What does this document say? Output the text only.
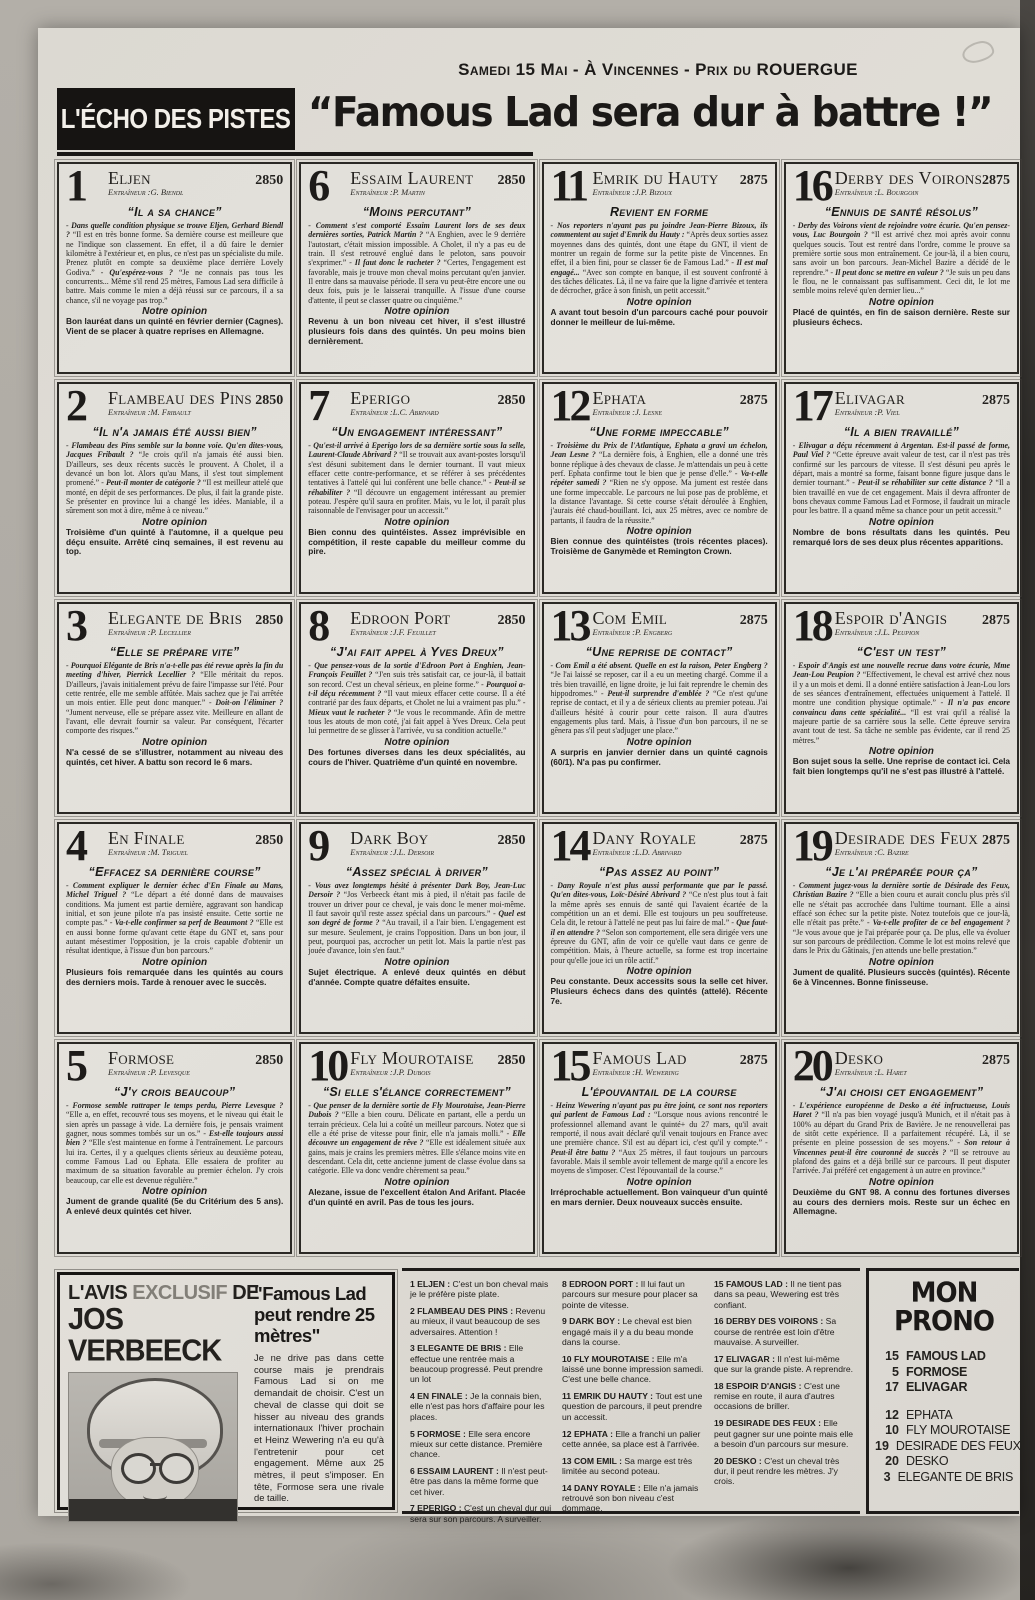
L'ÉCHO DES PISTES
Samedi 15 Mai - À Vincennes - Prix du ROUERGUE
“Famous Lad sera dur à battre !”
1	Eljen
Entraîneur :G. Biendl
2850
“Il a sa chance”

- Dans quelle condition physique se trouve Eljen, Gerhard Biendl ? “Il est en très bonne forme. Sa dernière course est meilleure que ne l'indique son classement. En effet, il a dû faire le dernier kilomètre à l'extérieur et, en plus, ce n'est pas un spécialiste du mile. Prenez plutôt en compte sa deuxième place derrière Lovely Godiva.” - Qu'espérez-vous ? “Je ne connais pas tous les concurrents... Même s'il rend 25 mètres, Famous Lad sera difficile à battre. Mais comme le mien a déjà réussi sur ce parcours, il a sa chance, s'il ne voyage pas trop.”

Notre opinion

Bon lauréat dans un quinté en février dernier (Cagnes). Vient de se placer à quatre reprises en Allemagne.

6	Essaim Laurent
Entraîneur :P. Martin
2850
“Moins percutant”

- Comment s'est comporté Essaim Laurent lors de ses deux dernières sorties, Patrick Martin ? “A Enghien, avec le 9 derrière l'autostart, c'était mission impossible. A Cholet, il n'y a pas eu de train. Il s'est retrouvé englué dans le peloton, sans pouvoir s'exprimer.” - Il faut donc le racheter ? “Certes, l'engagement est favorable, mais je trouve mon cheval moins percutant qu'en janvier. Il entre dans sa mauvaise période. Il sera vu peut-être encore une ou deux fois, puis je le laisserai tranquille. A l'issue d'une course d'attente, il peut se classer quatre ou cinquième.”

Notre opinion

Revenu à un bon niveau cet hiver, il s'est illustré plusieurs fois dans des quintés. Un peu moins bien dernièrement.

11 Emrik du Hauty
Entraîneur :J.P. Bizoux
2875
Revient en forme

- Nos reporters n'ayant pas pu joindre Jean-Pierre Bizoux, ils commentent au sujet d'Emrik du Hauty : “Après deux sorties assez moyennes dans des quintés, dont une étape du GNT, il vient de montrer un regain de forme sur la petite piste de Vincennes. En effet, il a bien fini, pour se classer 6e de Famous Lad.” - Il est mal engagé... “Avec son compte en banque, il est souvent confronté à des tâches délicates. Là, il ne va faire que la ligne d'arrivée et tentera de décrocher, grâce à son finish, un petit accessit.”

Notre opinion

A avant tout besoin d'un parcours caché pour pouvoir donner le meilleur de lui-même.

16 Derby des Voirons
Entraîneur :L. Bourgoin
2875
“Ennuis de santé résolus”

- Derby des Voirons vient de rejoindre votre écurie. Qu'en pensez-vous, Luc Bourgoin ? “Il est arrivé chez moi après avoir connu quelques soucis. Tout est rentré dans l'ordre, comme le prouve sa première sortie sous mon entraînement. Ce jour-là, il a bien couru, sans avoir un bon parcours. Jean-Michel Bazire a décidé de le reprendre.” - Il peut donc se mettre en valeur ? “Je suis un peu dans le flou, ne le connaissant pas suffisamment. Ceci dit, le lot me semble moins relevé qu'en dernier lieu...”

Notre opinion

Placé de quintés, en fin de saison dernière. Reste sur plusieurs échecs.

2	Flambeau des Pins
Entraîneur :M. Fribault
2850
“Il n'a jamais été aussi bien”

- Flambeau des Pins semble sur la bonne voie. Qu'en dites-vous, Jacques Fribault ? “Je crois qu'il n'a jamais été aussi bien. D'ailleurs, ses deux récents succès le prouvent. A Cholet, il a devancé un bon lot. Alors qu'au Mans, il s'est tout simplement promené.” - Peut-il monter de catégorie ? “Il est meilleur attelé que monté, en dépit de ses performances. De plus, il fait la grande piste. Se présenter en province lui a changé les idées. Maniable, il a sûrement son mot à dire, même à ce niveau.”

Notre opinion

Troisième d'un quinté à l'automne, il a quelque peu déçu ensuite. Arrêté cinq semaines, il est revenu au top.

7	Eperigo
Entraîneur :L.C. Abrivard
2850
“Un engagement intéressant”

- Qu'est-il arrivé à Eperigo lors de sa dernière sortie sous la selle, Laurent-Claude Abrivard ? “Il se trouvait aux avant-postes lorsqu'il s'est désuni subitement dans le dernier tournant. Il vaut mieux effacer cette contre-performance, et se référer à ses précédentes tentatives à l'attelé qui lui confèrent une belle chance.” - Peut-il se réhabiliter ? “Il découvre un engagement intéressant au premier poteau. J'espère qu'il saura en profiter. Mais, vu le lot, il paraît plus raisonnable de l'envisager pour un accessit.”

Notre opinion

Bien connu des quintéistes. Assez imprévisible en compétition, il reste capable du meilleur comme du pire.

12 Ephata
Entraîneur :J. Lesne
2875
“Une forme impeccable”

- Troisième du Prix de l'Atlantique, Ephata a gravi un échelon, Jean Lesne ? “La dernière fois, à Enghien, elle a donné une très bonne réplique à des chevaux de classe. Je m'attendais un peu à cette perf. Ephata confirme tout le bien que je pense d'elle.” - Va-t-elle répéter samedi ? “Rien ne s'y oppose. Ma jument est restée dans une forme impeccable. Le parcours ne lui pose pas de problème, et la distance l'avantage. Si cette course s'était déroulée à Enghien, j'aurais été chaud-bouillant. Ici, aux 25 mètres, avec ce nombre de partants, il faudra de la réussite.”

Notre opinion

Bien connue des quintéistes (trois récentes places). Troisième de Ganymède et Remington Crown.

17 Elivagar
Entraîneur :P. Viel
2875
“Il a bien travaillé”

- Elivagar a déçu récemment à Argentan. Est-il passé de forme, Paul Viel ? “Cette épreuve avait valeur de test, car il n'est pas très confirmé sur les parcours de vitesse. Il s'est désuni peu après le départ, mais a montré sa forme, faisant bonne figure jusque dans le dernier tournant.” - Peut-il se réhabiliter sur cette distance ? “Il a bien travaillé en vue de cet engagement. Mais il devra affronter de bons chevaux comme Famous Lad et Formose, il faudrait un miracle pour les battre. Il a quand même sa chance pour un petit accessit.”

Notre opinion

Nombre de bons résultats dans les quintés. Peu remarqué lors de ses deux plus récentes apparitions.

3	Elegante de Bris
Entraîneur :P. Lecellier
2850
“Elle se prépare vite”

- Pourquoi Elégante de Bris n'a-t-elle pas été revue après la fin du meeting d'hiver, Pierrick Lecellier ? “Elle méritait du repos. D'ailleurs, j'avais initialement prévu de faire l'impasse sur l'été. Pour cette rentrée, elle me semble affûtée. Mais sachez que je l'ai arrêtée un mois entier. Elle peut donc manquer.” - Doit-on l'éliminer ? “Jument nerveuse, elle se prépare assez vite. Meilleure en allant de l'avant, elle devrait fournir sa valeur. Par conséquent, l'écarter comporte des risques.”

Notre opinion

N'a cessé de se s'illustrer, notamment au niveau des quintés, cet hiver. A battu son record le 6 mars.

8	Edroon Port
Entraîneur :J.F. Feuillet
2850
“J'ai fait appel à Yves Dreux”

- Que pensez-vous de la sortie d'Edroon Port à Enghien, Jean-François Feuillet ? “J'en suis très satisfait car, ce jour-là, il battait son record. C'est un cheval sérieux, en pleine forme.” - Pourquoi a-t-il déçu récemment ? “Il vaut mieux effacer cette course. Il a été contrarié par des faux départs, et Cholet ne lui a vraiment pas plu.” - Mieux vaut le racheter ? “Je vous le recommande. Afin de mettre tous les atouts de mon coté, j'ai fait appel à Yves Dreux. Cela peut lui permettre de se glisser à l'arrivée, vu sa condition actuelle.”

Notre opinion

Des fortunes diverses dans les deux spécialités, au cours de l'hiver. Quatrième d'un quinté en novembre.

13 Com Emil
Entraîneur :P. Engberg
2875
“Une reprise de contact”

- Com Emil a été absent. Quelle en est la raison, Peter Engberg ? “Je l'ai laissé se reposer, car il a eu un meeting chargé. Comme il a très bien travaillé, en ligne droite, je lui fait reprendre le chemin des hippodromes.” - Peut-il surprendre d'emblée ? “Ce n'est qu'une reprise de contact, et il y a de sérieux clients au premier poteau. J'ai d'ailleurs hésité à courir pour cette raison. Il aura d'autres engagements plus tard. Mais, à l'issue d'un bon parcours, il ne se gênera pas s'il peut s'adjuger une place.”

Notre opinion

A surpris en janvier dernier dans un quinté cagnois (60/1). N'a pas pu confirmer.

18 Espoir d'Angis
Entraîneur :J.L. Peupion
2875
“C'est un test”

- Espoir d'Angis est une nouvelle recrue dans votre écurie, Mme Jean-Lou Peupion ? “Effectivement, le cheval est arrivé chez nous il y a un mois et demi. Il a donné entière satisfaction à Jean-Lou lors de ses séances d'entraînement, effectuées uniquement à l'attelé. Il montre une condition physique optimale.” - Il n'a pas encore convaincu dans cette spécialité... “Il est vrai qu'il a réalisé la majeure partie de sa carrière sous la selle. Cette épreuve servira avant tout de test. Sa tâche ne semble pas évidente, car il rend 25 mètres.”

Notre opinion

Bon sujet sous la selle. Une reprise de contact ici. Cela fait bien longtemps qu'il ne s'est pas illustré à l'attelé.

4	En Finale
Entraîneur :M. Triguel
2850
“Effacez sa dernière course”

- Comment expliquer le dernier échec d'En Finale au Mans, Michel Triguel ? “Le départ a été donné dans de mauvaises conditions. Ma jument est partie dernière, aggravant son handicap initial, et son jeune pilote n'a pas insisté ensuite. Cette sortie ne compte pas.” - Va-t-elle confirmer sa perf de Beaumont ? “Elle est en aussi bonne forme qu'avant cette étape du GNT et, sans pour autant mésestimer l'opposition, je la crois capable d'obtenir un résultat identique, à l'issue d'un bon parcours.”

Notre opinion

Plusieurs fois remarquée dans les quintés au cours des derniers mois. Tarde à renouer avec le succès.

9	Dark Boy
Entraîneur :J.L. Dersoir
2850
“Assez spécial à driver”

- Vous avez longtemps hésité à présenter Dark Boy, Jean-Luc Dersoir ? “Jos Verbeeck étant mis à pied, il n'était pas facile de trouver un driver pour ce cheval, je vais donc le mener moi-même. Il faut savoir qu'il reste assez spécial dans un parcours.” - Quel est son degré de forme ? “Au travail, il a l'air bien. L'engagement est sur mesure. Seulement, je crains l'opposition. Dans un bon jour, il peut, pourquoi pas, accrocher un petit lot. Mais la partie n'est pas jouée d'avance, loin s'en faut.”

Notre opinion

Sujet électrique. A enlevé deux quintés en début d'année. Compte quatre défaites ensuite.

14 Dany Royale
Entraîneur :L.D. Abrivard
2875
“Pas assez au point”

- Dany Royale n'est plus aussi performante que par le passé. Qu'en dites-vous, Loïc-Désiré Abrivard ? “Ce n'est plus tout à fait la même après ses ennuis de santé qui l'avaient écartée de la compétition un an et demi. Elle est toujours un peu souffreteuse. Cela dit, le retour à l'attelé ne peut pas lui faire de mal.” - Que faut-il en attendre ? “Selon son comportement, elle sera dirigée vers une épreuve du GNT, afin de voir ce qu'elle vaut dans ce genre de compétition. Mais, à l'heure actuelle, sa forme est trop incertaine pour qu'elle joue ici un rôle actif.”

Notre opinion

Peu constante. Deux accessits sous la selle cet hiver. Plusieurs échecs dans des quintés (attelé). Récente 7e.

19 Desirade des Feux
Entraîneur :C. Bazire
2875
“Je l'ai préparée pour ça”

- Comment jugez-vous la dernière sortie de Désirade des Feux, Christian Bazire ? “Elle a bien couru et aurait conclu plus près s'il elle ne s'était pas accrochée dans l'ultime tournant. Elle a ainsi effacé son échec sur la petite piste. Notez toutefois que ce jour-là, elle n'était pas prête.” - Va-t-elle profiter de ce bel engagement ? “Je vous avoue que je l'ai préparée pour ça. De plus, elle va évoluer sur son parcours de prédilection. Comme le lot est moins relevé que dans le Prix du Gâtinais, j'en attends une belle prestation.”

Notre opinion

Jument de qualité. Plusieurs succès (quintés). Récente 6e à Vincennes. Bonne finisseuse.

5	Formose
Entraîneur :P. Levesque
2850
“J'y crois beaucoup”

- Formose semble rattraper le temps perdu, Pierre Levesque ? “Elle a, en effet, recouvré tous ses moyens, et le niveau qui était le sien après un passage à vide. La dernière fois, je pensais vraiment gagner, nous sommes tombés sur un os.” - Est-elle toujours aussi bien ? “Elle s'est maintenue en forme à l'entraînement. Le parcours lui ira. Certes, il y a quelques clients sérieux au deuxième poteau, comme Famous Lad ou Ephata. Elle essaiera de profiter au maximum de sa situation favorable au premier échelon. J'y crois beaucoup, car elle est devenue régulière.”

Notre opinion

Jument de grande qualité (5e du Critérium des 5 ans). A enlevé deux quintés cet hiver.

10 Fly Mourotaise
Entraîneur :J.P. Dubois
2850
“Si elle s'élance correctement”

- Que penser de la dernière sortie de Fly Mourotaise, Jean-Pierre Dubois ? “Elle a bien couru. Délicate en partant, elle a perdu un terrain précieux. Cela lui a coûté un meilleur parcours. Notez que si elle a été prise de vitesse pour finir, elle n'a jamais molli.” - Elle découvre un engagement de rêve ? “Elle est idéalement située aux gains, mais je crains les premiers mètres. Elle s'élance moins vite en descendant. Cela dit, cette ancienne jument de classe évolue dans sa catégorie. Elle va donc vendre chèrement sa peau.”

Notre opinion

Alezane, issue de l'excellent étalon And Arifant. Placée d'un quinté en avril. Pas de tous les jours.

15 Famous Lad
Entraîneur :H. Wewering
2875
L'épouvantail de la course

- Heinz Wewering n'ayant pas pu être joint, ce sont nos reporters qui parlent de Famous Lad : “Lorsque nous avions rencontré le professionnel allemand avant le quinté+ du 27 mars, qu'il avait remporté, il nous avait déclaré qu'il venait toujours en France avec une première chance. S'il est au départ ici, c'est qu'il y compte.” - Peut-il être battu ? “Aux 25 mètres, il faut toujours un parcours favorable. Mais il semble avoir tellement de marge qu'il a encore les moyens de s'imposer. C'est l'épouvantail de la course.”

Notre opinion

Irréprochable actuellement. Bon vainqueur d'un quinté en mars dernier. Deux nouveaux succès ensuite.

20 Desko
Entraîneur :L. Haret
2875
“J'ai choisi cet engagement”

- L'expérience européenne de Desko a été infructueuse, Louis Haret ? “Il n'a pas bien voyagé jusqu'à Munich, et il n'était pas à 100% au départ du Grand Prix de Bavière. Je ne renouvellerai pas de sitôt cette expérience. Il a parfaitement récupéré. Là, il se présente en pleine possession de ses moyens.” - Son retour à Vincennes peut-il être couronné de succès ? “Il se retrouve au plafond des gains et a déjà brillé sur ce parcours. Il peut disputer l'arrivée. J'ai préféré cet engagement à un autre en province.”

Notre opinion

Deuxième du GNT 98. A connu des fortunes diverses au cours des derniers mois. Reste sur un échec en Allemagne.

L'AVIS EXCLUSIF DE
JOS VERBEECK
"Famous Lad peut rendre 25 mètres"

Je ne drive pas dans cette course mais je prendrais Famous Lad si on me demandait de choisir. C'est un cheval de classe qui doit se hisser au niveau des grands internationaux l'hiver prochain et Heinz Wewering n'a eu qu'à l'entretenir pour cet engagement. Même aux 25 mètres, il peut s'imposer. En tête, Formose sera une rivale de taille.

1 ELJEN : C'est un bon cheval mais je le préfère piste plate.

2 FLAMBEAU DES PINS : Revenu au mieux, il vaut beaucoup de ses adversaires. Attention !

3 ELEGANTE DE BRIS : Elle effectue une rentrée mais a beaucoup progressé. Peut prendre un lot

4 EN FINALE : Je la connais bien, elle n'est pas hors d'affaire pour les places.

5 FORMOSE : Elle sera encore mieux sur cette distance. Première chance.

6 ESSAIM LAURENT : Il n'est peut-être pas dans la même forme que cet hiver.

7 EPERIGO : C'est un cheval dur qui sera sur son parcours. A surveiller.

8 EDROON PORT : Il lui faut un parcours sur mesure pour placer sa pointe de vitesse.

9 DARK BOY : Le cheval est bien engagé mais il y a du beau monde dans la course.

10 FLY MOUROTAISE : Elle m'a laissé une bonne impression samedi. C'est une belle chance.

11 EMRIK DU HAUTY : Tout est une question de parcours, il peut prendre un accessit.

12 EPHATA : Elle a franchi un palier cette année, sa place est à l'arrivée.

13 COM EMIL : Sa marge est très limitée au second poteau.

14 DANY ROYALE : Elle n'a jamais retrouvé son bon niveau c'est dommage.

15 FAMOUS LAD : Il ne tient pas dans sa peau, Wewering est très confiant.

16 DERBY DES VOIRONS : Sa course de rentrée est loin d'être mauvaise. A surveiller.

17 ELIVAGAR : Il n'est lui-même que sur la grande piste. A reprendre.

18 ESPOIR D'ANGIS : C'est une remise en route, il aura d'autres occasions de briller.

19 DESIRADE DES FEUX : Elle peut gagner sur une pointe mais elle a besoin d'un parcours sur mesure.

20 DESKO : C'est un cheval très dur, il peut rendre les mètres. J'y crois.

MON PRONO
15 FAMOUS LAD
5 FORMOSE
17 ELIVAGAR
12 EPHATA
10 FLY MOUROTAISE
19 DESIRADE DES FEUX
20 DESKO
3 ELEGANTE DE BRIS
